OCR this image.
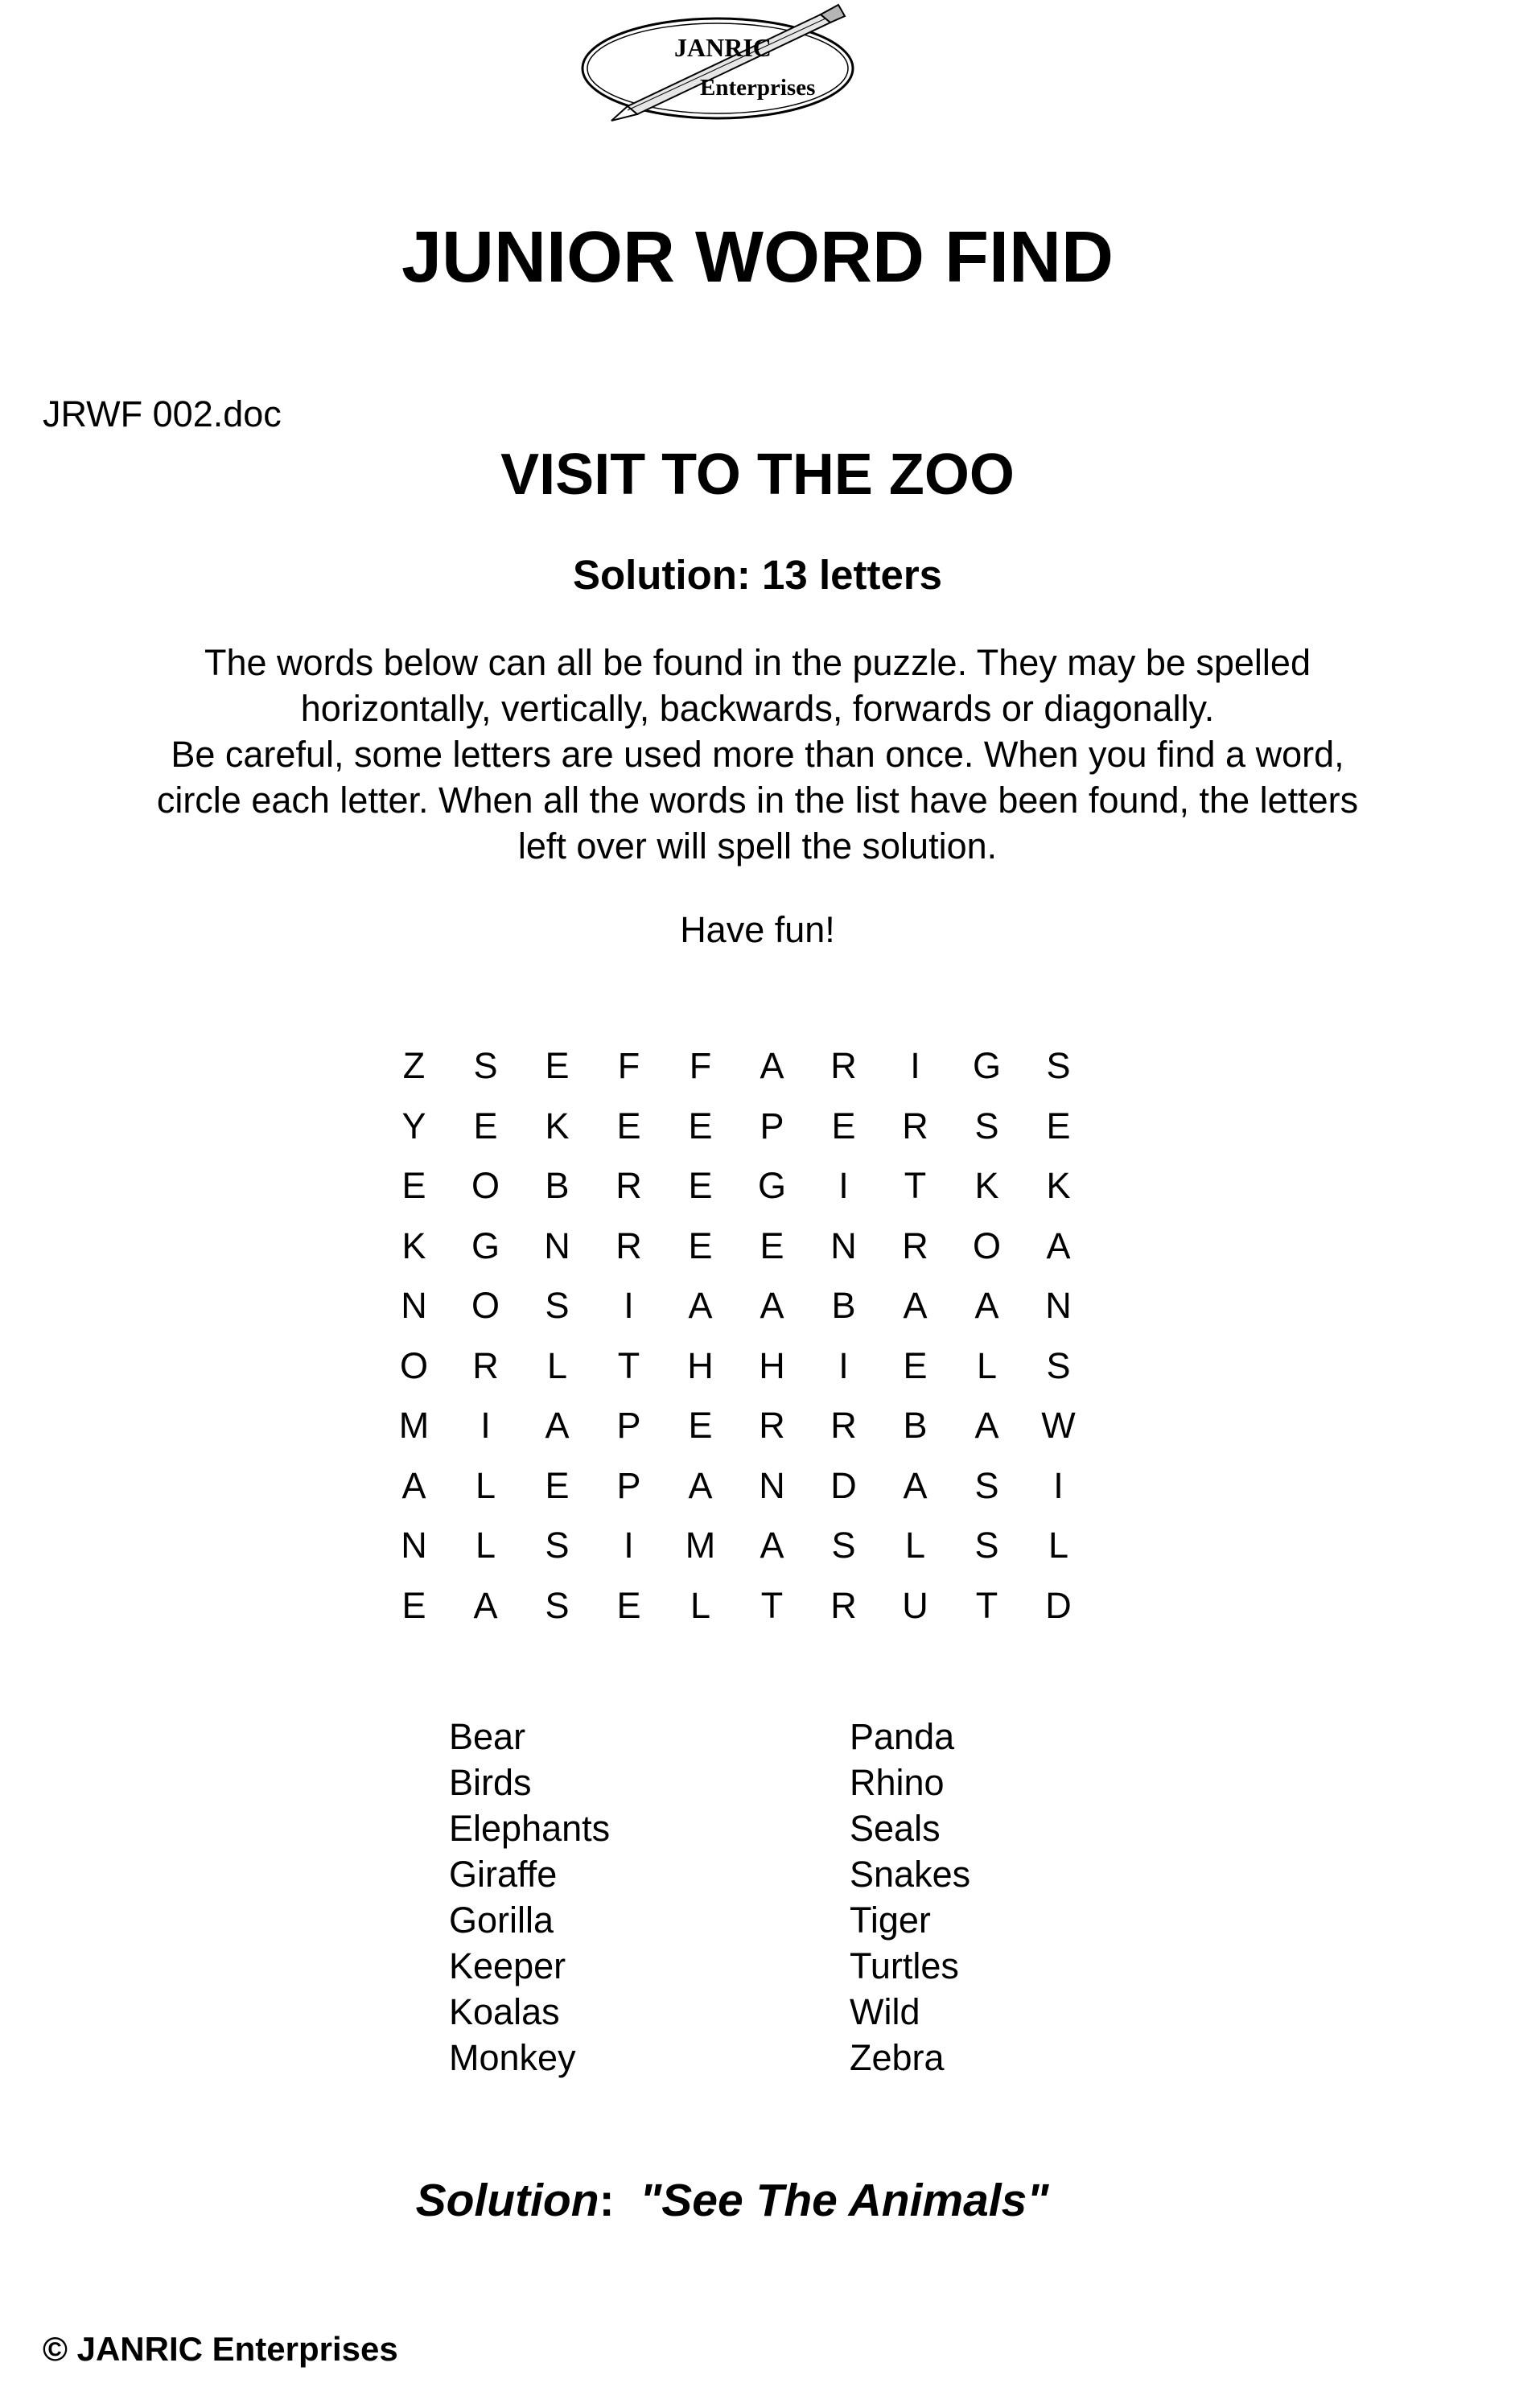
JANRIC
Enterprises
JUNIOR WORD FIND
JRWF 002.doc
VISIT TO THE ZOO
Solution: 13 letters

The words below can all be found in the puzzle. They may be spelled

horizontally, vertically, backwards, forwards or diagonally.

Be careful, some letters are used more than once. When you find a word,

circle each letter. When all the words in the list have been found, the letters

left over will spell the solution.

Have fun!
Z	S	E	F	F	A	R	I	G	S
Y	E	K	E	E	P	E	R	S	E
E	O	B	R	E	G	I	T	K	K
K	G	N	R	E	E	N	R	O	A
N	O	S	I	A	A	B	A	A	N
O	R	L	T	H	H	I	E	L	S
M	I	A	P	E	R	R	B	A	W
A	L	E	P	A	N	D	A	S	I
N	L	S	I	M	A	S	L	S	L
E	A	S	E	L	T	R	U	T	D
Bear
Birds
Elephants
Giraffe
Gorilla
Keeper
Koalas
Monkey
Panda
Rhino
Seals
Snakes
Tiger
Turtles
Wild
Zebra
Solution: "See The Animals"
© JANRIC Enterprises
